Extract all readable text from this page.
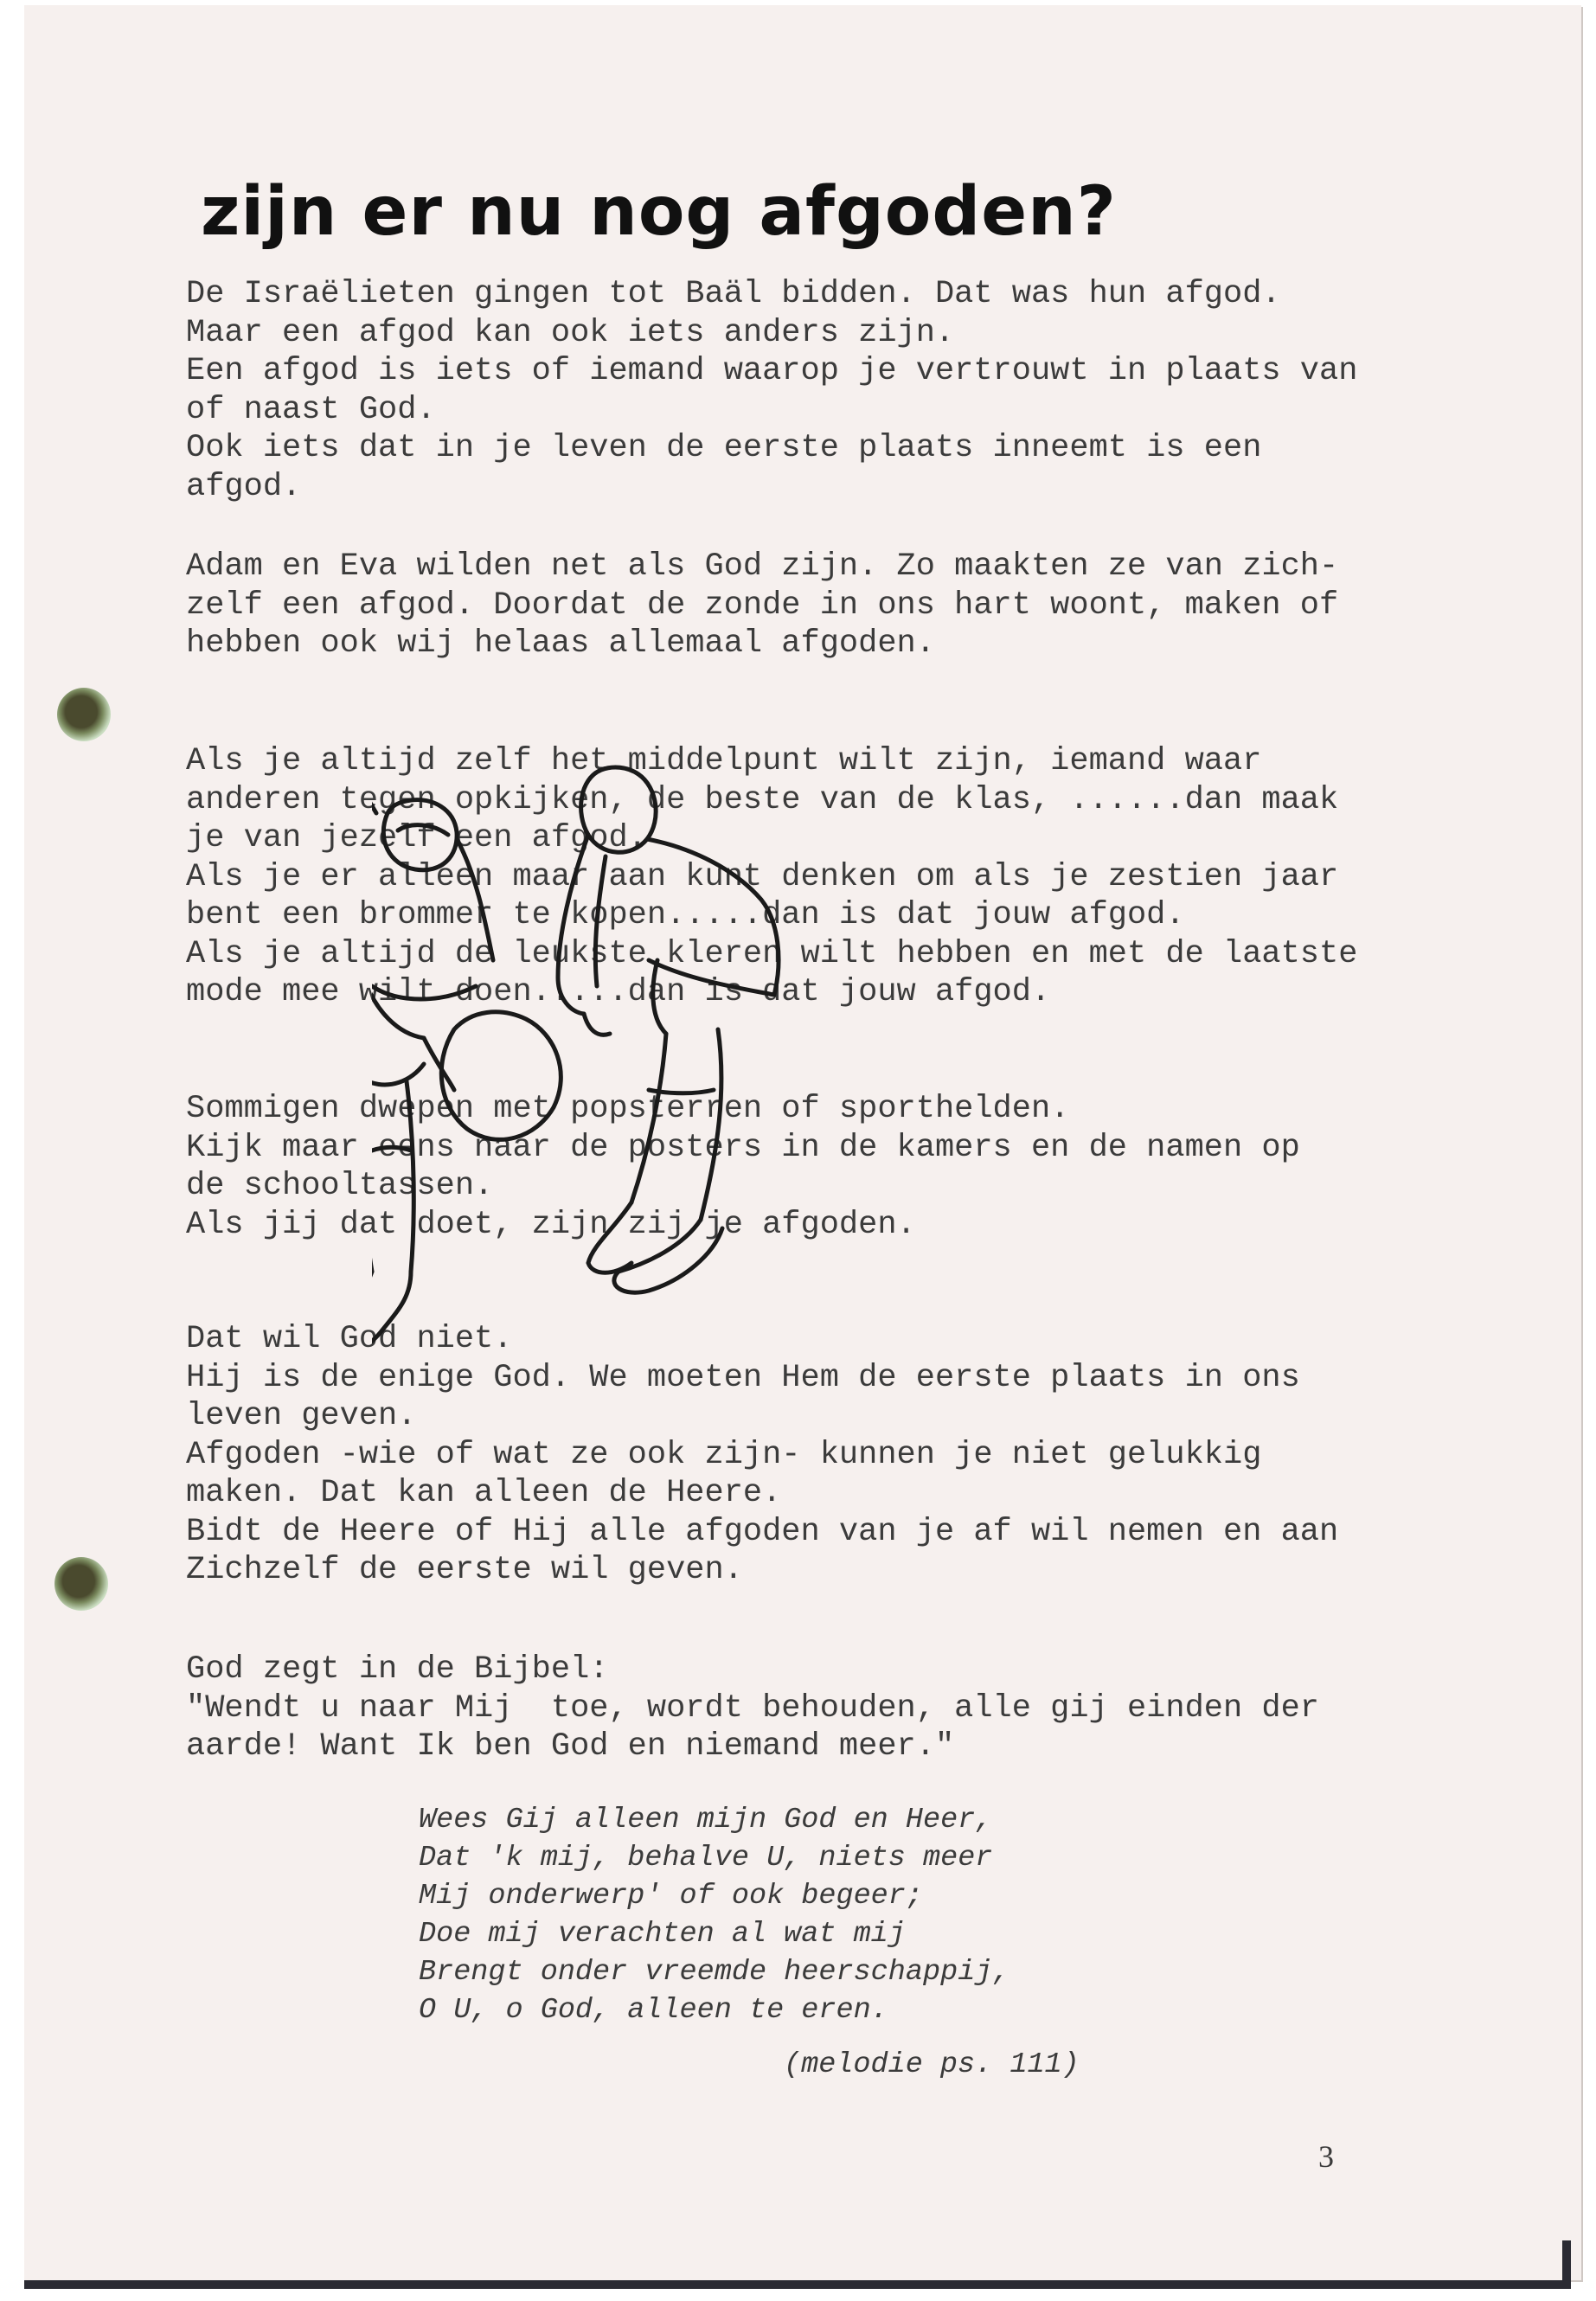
zijn er nu nog afgoden?
De Israëlieten gingen tot Baäl bidden. Dat was hun afgod.
Maar een afgod kan ook iets anders zijn.
Een afgod is iets of iemand waarop je vertrouwt in plaats van
of naast God.
Ook iets dat in je leven de eerste plaats inneemt is een
afgod.
Adam en Eva wilden net als God zijn. Zo maakten ze van zich-
zelf een afgod. Doordat de zonde in ons hart woont, maken of
hebben ook wij helaas allemaal afgoden.
Als je altijd zelf het middelpunt wilt zijn, iemand waar
anderen tegen opkijken, de beste van de klas, ......dan maak
je van jezelf een afgod.
Als je er alleen maar aan kunt denken om als je zestien jaar
bent een brommer te kopen.....dan is dat jouw afgod.
Als je altijd de leukste kleren wilt hebben en met de laatste
mode mee wilt doen.....dan is dat jouw afgod.
Sommigen dwepen met popsterren of sporthelden.
Kijk maar eens naar de posters in de kamers en de namen op
de schooltassen.
Als jij dat doet, zijn zij je afgoden.
Dat wil God niet.
Hij is de enige God. We moeten Hem de eerste plaats in ons
leven geven.
Afgoden -wie of wat ze ook zijn- kunnen je niet gelukkig
maken. Dat kan alleen de Heere.
Bidt de Heere of Hij alle afgoden van je af wil nemen en aan
Zichzelf de eerste wil geven.
God zegt in de Bijbel:
"Wendt u naar Mij  toe, wordt behouden, alle gij einden der
aarde! Want Ik ben God en niemand meer."
Wees Gij alleen mijn God en Heer,
Dat 'k mij, behalve U, niets meer
Mij onderwerp' of ook begeer;
Doe mij verachten al wat mij
Brengt onder vreemde heerschappij,
O U, o God, alleen te eren.
(melodie ps. 111)
3
